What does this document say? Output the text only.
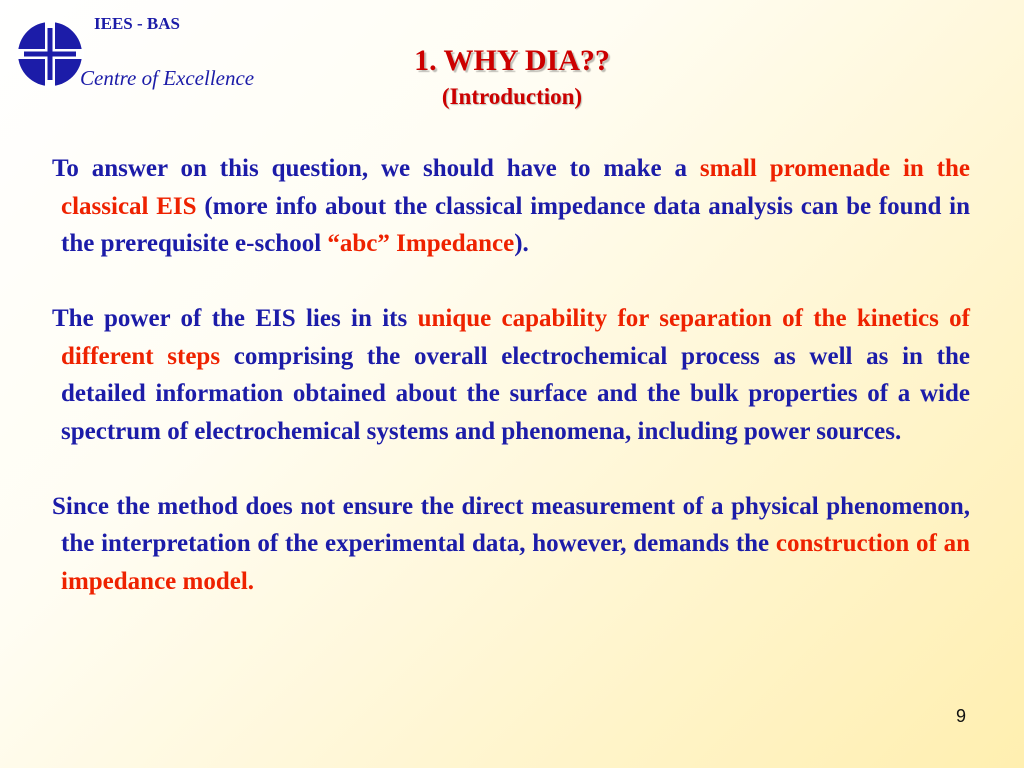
IEES - BAS
Centre of Excellence
1. WHY DIA??
(Introduction)

To answer on this question, we should have to make a small promenade in the classical EIS (more info about the classical impedance data analysis can be found in the prerequisite e-school “abc” Impedance).

The power of the EIS lies in its unique capability for separation of the kinetics of different steps comprising the overall electrochemical process as well as in the detailed information obtained about the surface and the bulk properties of a wide spectrum of electrochemical systems and phenomena, including power sources.

Since the method does not ensure the direct measurement of a physical phenomenon, the interpretation of the experimental data, however, demands the construction of an impedance model.

9
